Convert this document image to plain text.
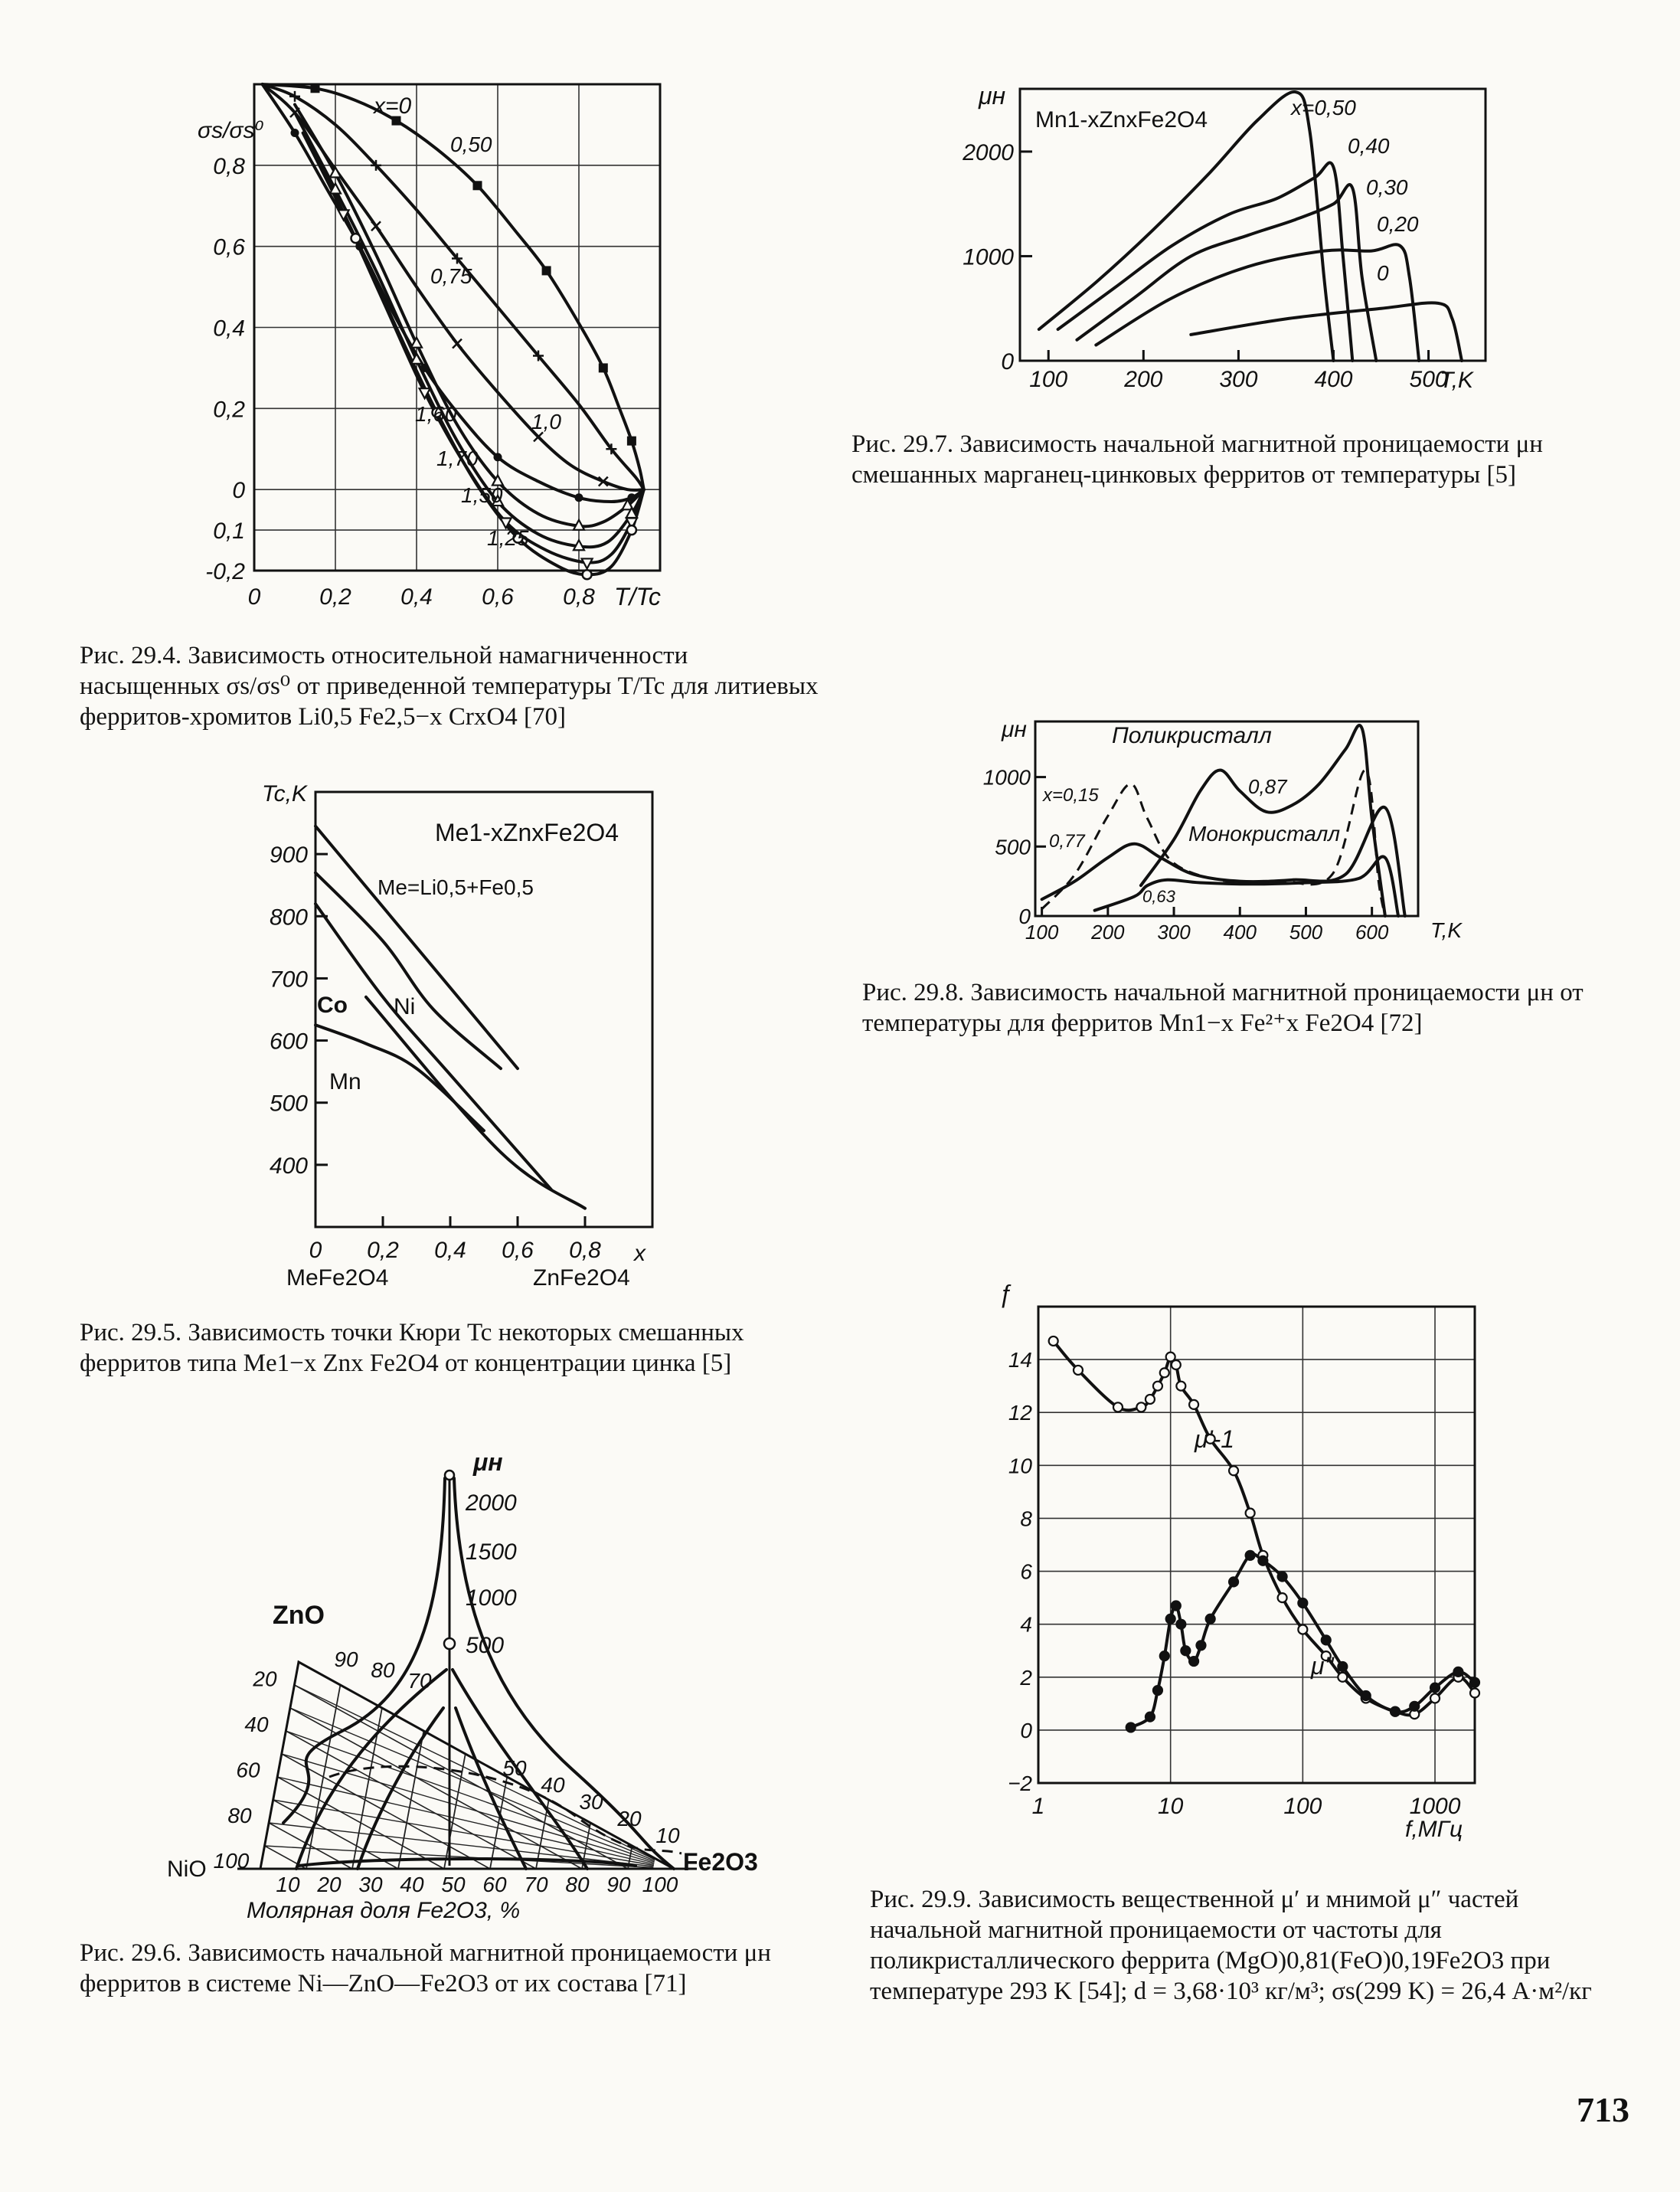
σs/σs⁰
0,8
0,6
0,4
0,2
0
0,1
-0,2
0	0,2 0,4 0,6 0,8 T/Tc
x=0
0,50
0,75
1,0
1,60
1,70
1,50
1,25

Рис. 29.4. Зависимость относительной намагниченности насыщенных σs/σs⁰ от приведенной температуры T/Tc для литиевых ферритов-хромитов Li0,5 Fe2,5−x CrxO4 [70]

Tc,K
900
800
700
600
500
400
0 0,2 0,4 0,6 0,8 x
Me1-xZnxFe2O4
Me=Li0,5+Fe0,5
Co Ni
Mn
MeFe2O4	ZnFe2O4

Рис. 29.5. Зависимость точки Кюри Tc некоторых смешанных ферритов типа Me1−x Znx Fe2O4 от концентрации цинка [5]

μн
2000
1500
1000
500
ZnO
NiO	Fe2O3
10 20 30 40 50 60 70 80 90 100
20
40
60
80
100
90 80 70
50
40
30
20
10
Молярная доля Fe2O3, %

Рис. 29.6. Зависимость начальной магнитной проницаемости μн ферритов в системе Ni—ZnO—Fe2O3 от их состава [71]

μн
Mn1-xZnxFe2O4
2000
1000
0
100 200 300 400 500
T,K
x=0,50
0,40
0,30
0,20
0

Рис. 29.7. Зависимость начальной магнитной проницаемости μн смешанных марганец-цинковых ферритов от температуры [5]

μн
1000
500
0
100 200 300 400 500 600 T,K
Поликристалл
Монокристалл
x=0,15
0,77
0,87
0,63

Рис. 29.8. Зависимость начальной магнитной проницаемости μн от температуры для ферритов Mn1−x Fe²⁺x Fe2O4 [72]

ƒ
14
12
10
8
6
4
2
0
−2
1	10	100	1000
f,МГц
μ'-1
μ''

Рис. 29.9. Зависимость вещественной μ′ и мнимой μ″ частей начальной магнитной проницаемости от частоты для поликристаллического феррита (MgO)0,81(FeO)0,19Fe2O3 при температуре 293 K [54]; d = 3,68·10³ кг/м³; σs(299 K) = 26,4 А·м²/кг

713
